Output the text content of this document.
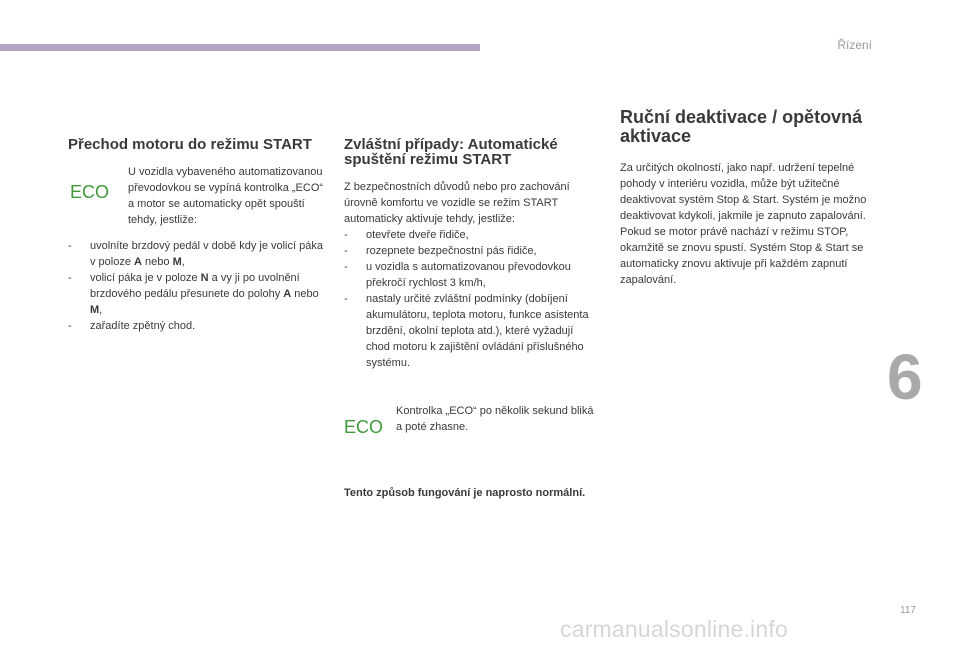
Řízení
Přechod motoru do režimu START
ECO
U vozidla vybaveného automatizovanou převodovkou se vypíná kontrolka „ECO“ a motor se automaticky opět spouští tehdy, jestliže:
- uvolníte brzdový pedál v době kdy je volicí páka v poloze A nebo M,
- volicí páka je v poloze N a vy ji po uvolnění brzdového pedálu přesunete do polohy A nebo M,
- zařadíte zpětný chod.
Zvláštní případy: Automatické spuštění režimu START

Z bezpečnostních důvodů nebo pro zachování úrovně komfortu ve vozidle se režim START automaticky aktivuje tehdy, jestliže:

- otevřete dveře řidiče,
- rozepnete bezpečnostní pás řidiče,
- u vozidla s automatizovanou převodovkou překročí rychlost 3 km/h,
- nastaly určité zvláštní podmínky (dobíjení akumulátoru, teplota motoru, funkce asistenta brzdění, okolní teplota atd.), které vyžadují chod motoru k zajištění ovládání příslušného systému.
ECO
Kontrolka „ECO“ po několik sekund bliká a poté zhasne.
Tento způsob fungování je naprosto normální.
Ruční deaktivace / opětovná aktivace

Za určitých okolností, jako např. udržení tepelné pohody v interiéru vozidla, může být užitečné deaktivovat systém Stop & Start. Systém je možno deaktivovat kdykoli, jakmile je zapnuto zapalování. Pokud se motor právě nachází v režimu STOP, okamžitě se znovu spustí. Systém Stop & Start se automaticky znovu aktivuje při každém zapnutí zapalování.

6
117
carmanualsonline.info
